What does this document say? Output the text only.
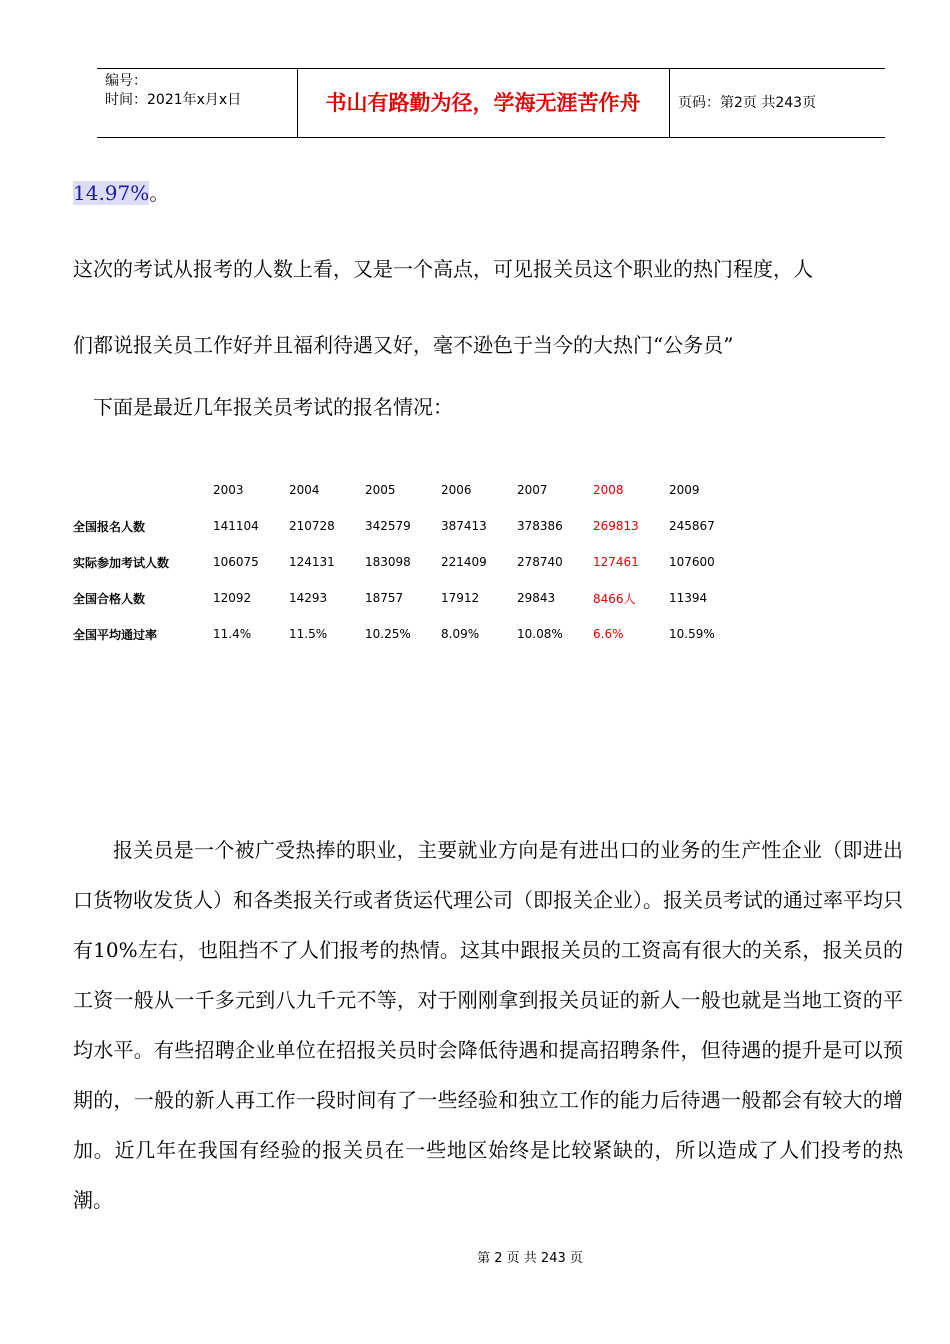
编号：
时间：2021年x月x日	书山有路勤为径，学海无涯苦作舟	页码：第2页 共243页
14.97%。
这次的考试从报考的人数上看，又是一个高点，可见报关员这个职业的热门程度，人
们都说报关员工作好并且福利待遇又好，毫不逊色于当今的大热门“公务员”
下面是最近几年报关员考试的报名情况：
	2003	2004	2005	2006	2007	2008	2009
全国报名人数	141104	210728	342579	387413	378386	269813	245867
实际参加考试人数	106075	124131	183098	221409	278740	127461	107600
全国合格人数	12092	14293	18757	17912	29843	8466人	11394
全国平均通过率	11.4%	11.5%	10.25%	8.09%	10.08%	6.6%	10.59%
报关员是一个被广受热捧的职业，主要就业方向是有进出口的业务的生产性企业（即进出口货物收发货人）和各类报关行或者货运代理公司（即报关企业）。报关员考试的通过率平均只有10%左右，也阻挡不了人们报考的热情。这其中跟报关员的工资高有很大的关系，报关员的工资一般从一千多元到八九千元不等，对于刚刚拿到报关员证的新人一般也就是当地工资的平均水平。有些招聘企业单位在招报关员时会降低待遇和提高招聘条件，但待遇的提升是可以预期的，一般的新人再工作一段时间有了一些经验和独立工作的能力后待遇一般都会有较大的增加。近几年在我国有经验的报关员在一些地区始终是比较紧缺的，所以造成了人们投考的热潮。
第 2 页 共 243 页
